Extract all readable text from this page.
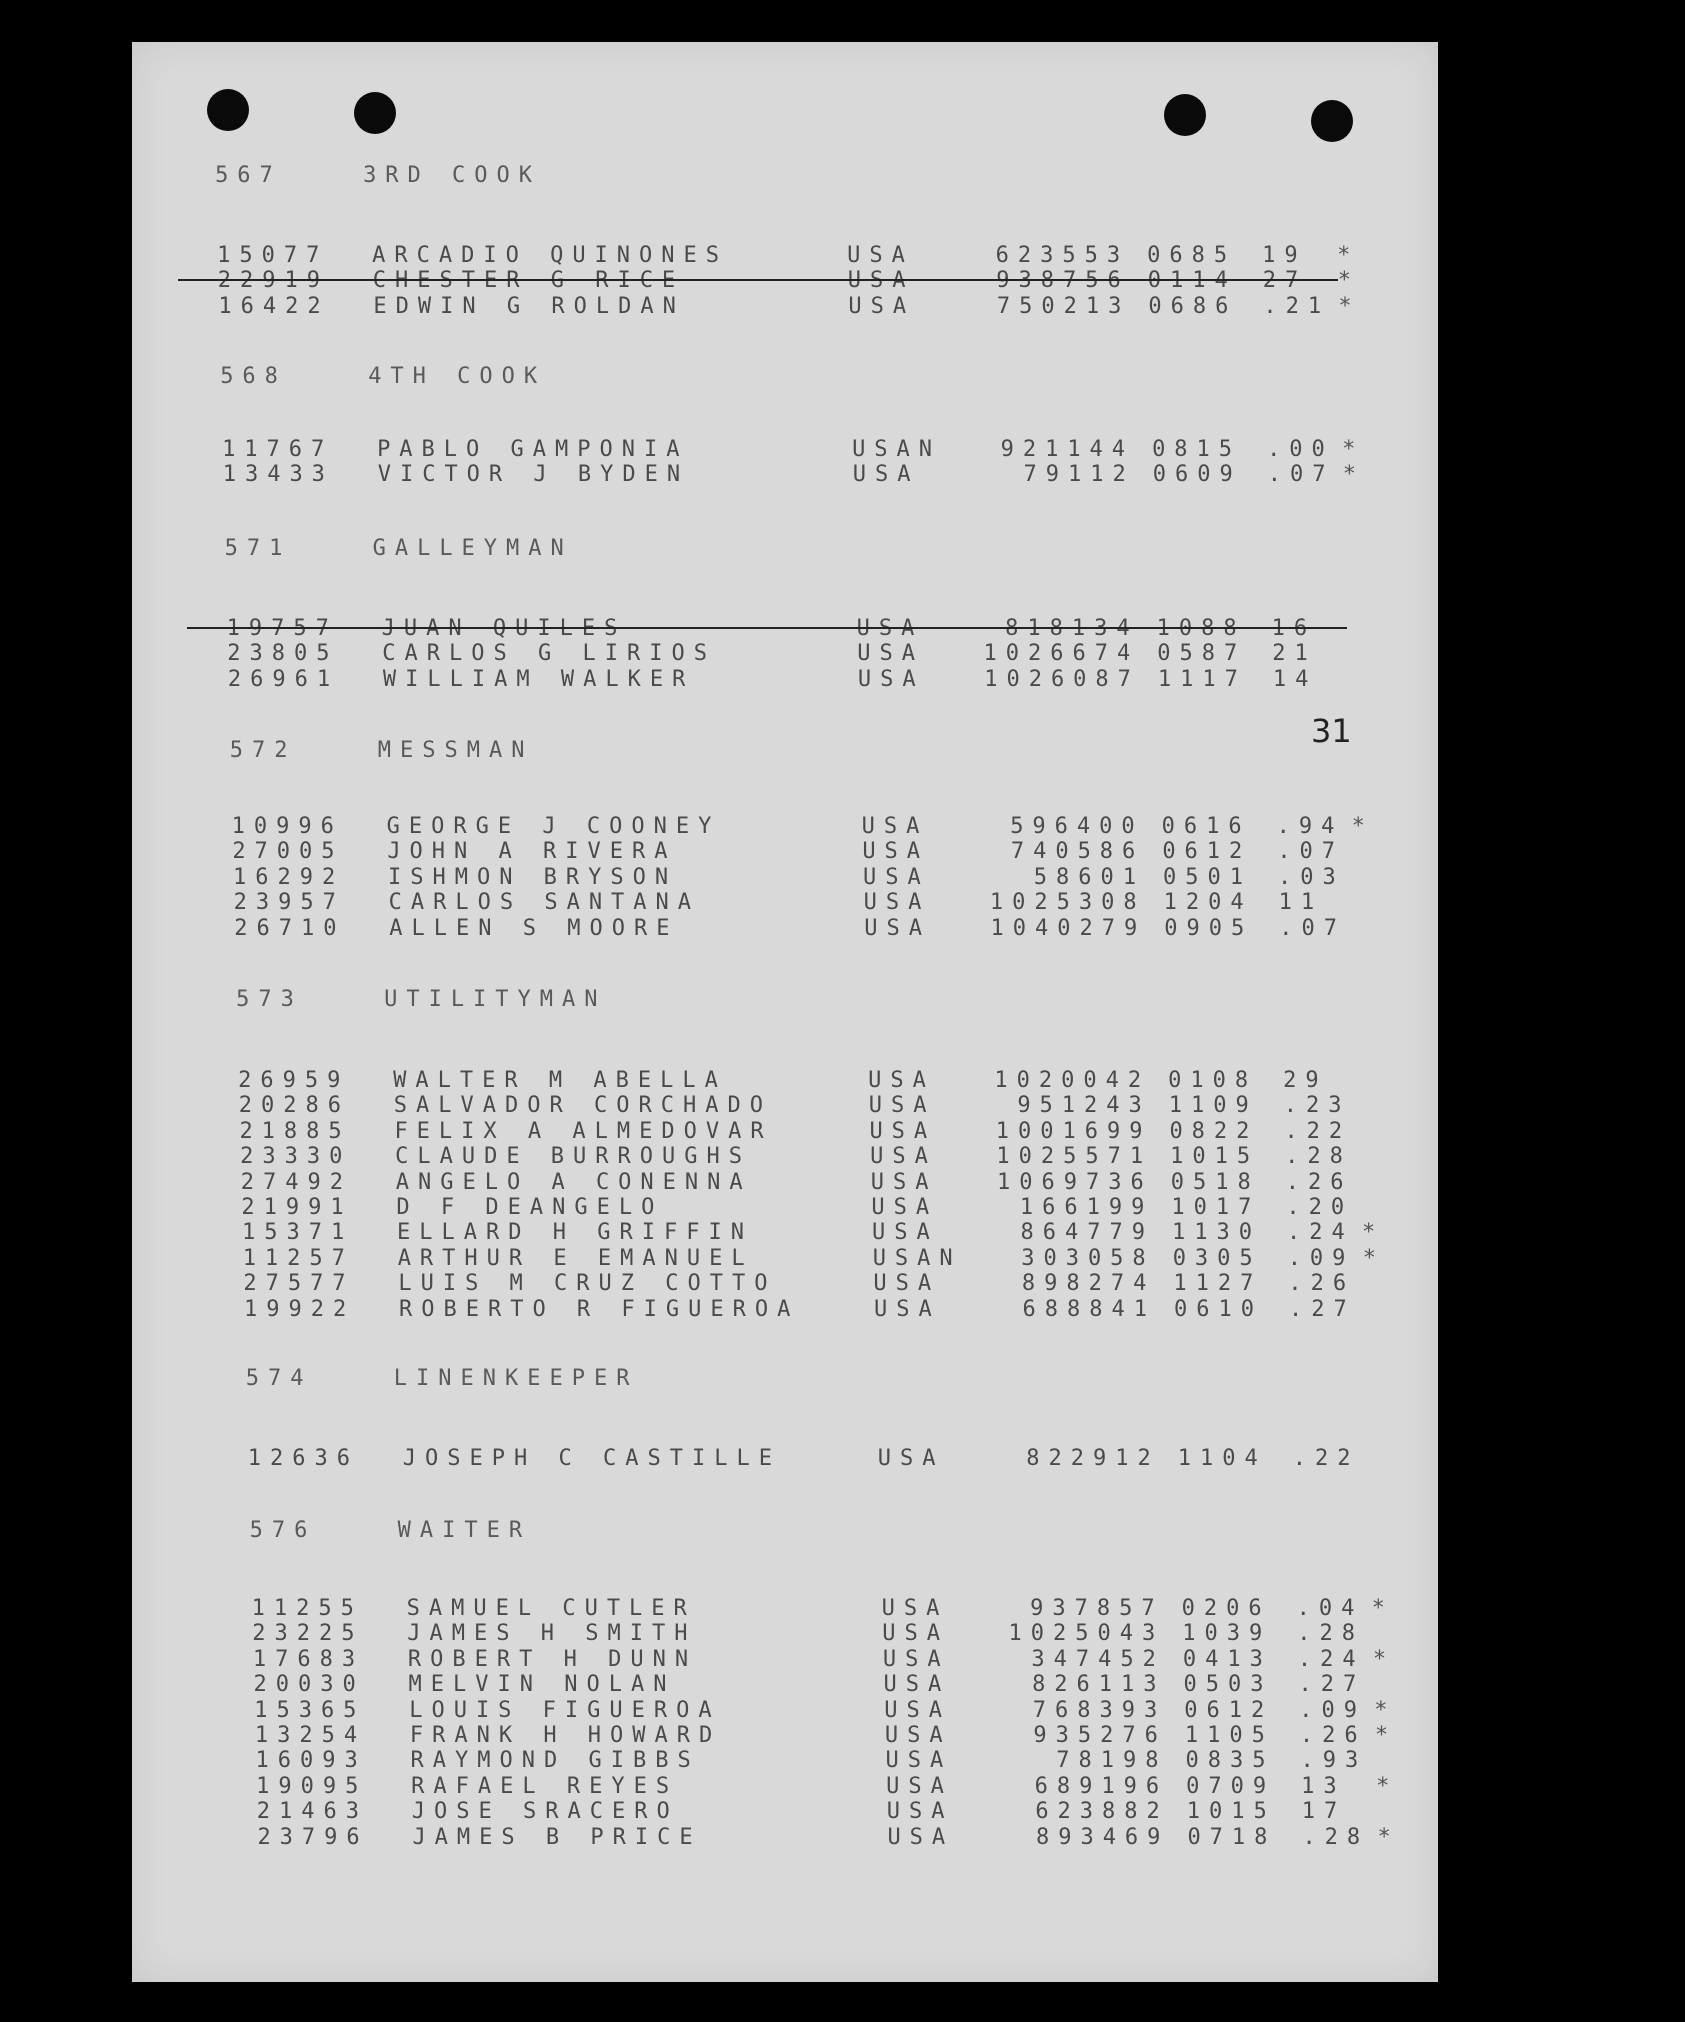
31
567	3RD COOK
15077	ARCADIO QUINONES	USA	623553 0685	19	*
22919	CHESTER G RICE	USA	938756 0114	27	*
16422	EDWIN G ROLDAN	USA	750213 0686	.21 *
568	4TH COOK
11767	PABLO GAMPONIA	USAN	921144 0815	.00 *
13433	VICTOR J BYDEN	USA	79112 0609	.07 *
571	GALLEYMAN
19757	JUAN QUILES	USA	818134 1088	16
23805	CARLOS G LIRIOS	USA	1026674 0587	21
26961	WILLIAM WALKER	USA	1026087 1117	14
572	MESSMAN
10996	GEORGE J COONEY	USA	596400 0616	.94 *
27005	JOHN A RIVERA	USA	740586 0612	.07
16292	ISHMON BRYSON	USA	58601 0501	.03
23957	CARLOS SANTANA	USA	1025308 1204	11
26710	ALLEN S MOORE	USA	1040279 0905	.07
573	UTILITYMAN
26959	WALTER M ABELLA	USA	1020042 0108	29
20286	SALVADOR CORCHADO	USA	951243 1109	.23
21885	FELIX A ALMEDOVAR	USA	1001699 0822	.22
23330	CLAUDE BURROUGHS	USA	1025571 1015	.28
27492	ANGELO A CONENNA	USA	1069736 0518	.26
21991	D F DEANGELO	USA	166199 1017	.20
15371	ELLARD H GRIFFIN	USA	864779 1130	.24 *
11257	ARTHUR E EMANUEL	USAN	303058 0305	.09 *
27577	LUIS M CRUZ COTTO	USA	898274 1127	.26
19922	ROBERTO R FIGUEROA	USA	688841 0610	.27
574	LINENKEEPER
12636	JOSEPH C CASTILLE	USA	822912 1104	.22
576	WAITER
11255	SAMUEL CUTLER	USA	937857 0206	.04 *
23225	JAMES H SMITH	USA	1025043 1039	.28
17683	ROBERT H DUNN	USA	347452 0413	.24 *
20030	MELVIN NOLAN	USA	826113 0503	.27
15365	LOUIS FIGUEROA	USA	768393 0612	.09 *
13254	FRANK H HOWARD	USA	935276 1105	.26 *
16093	RAYMOND GIBBS	USA	78198 0835	.93
19095	RAFAEL REYES	USA	689196 0709	13	*
21463	JOSE SRACERO	USA	623882 1015	17
23796	JAMES B PRICE	USA	893469 0718	.28 *
